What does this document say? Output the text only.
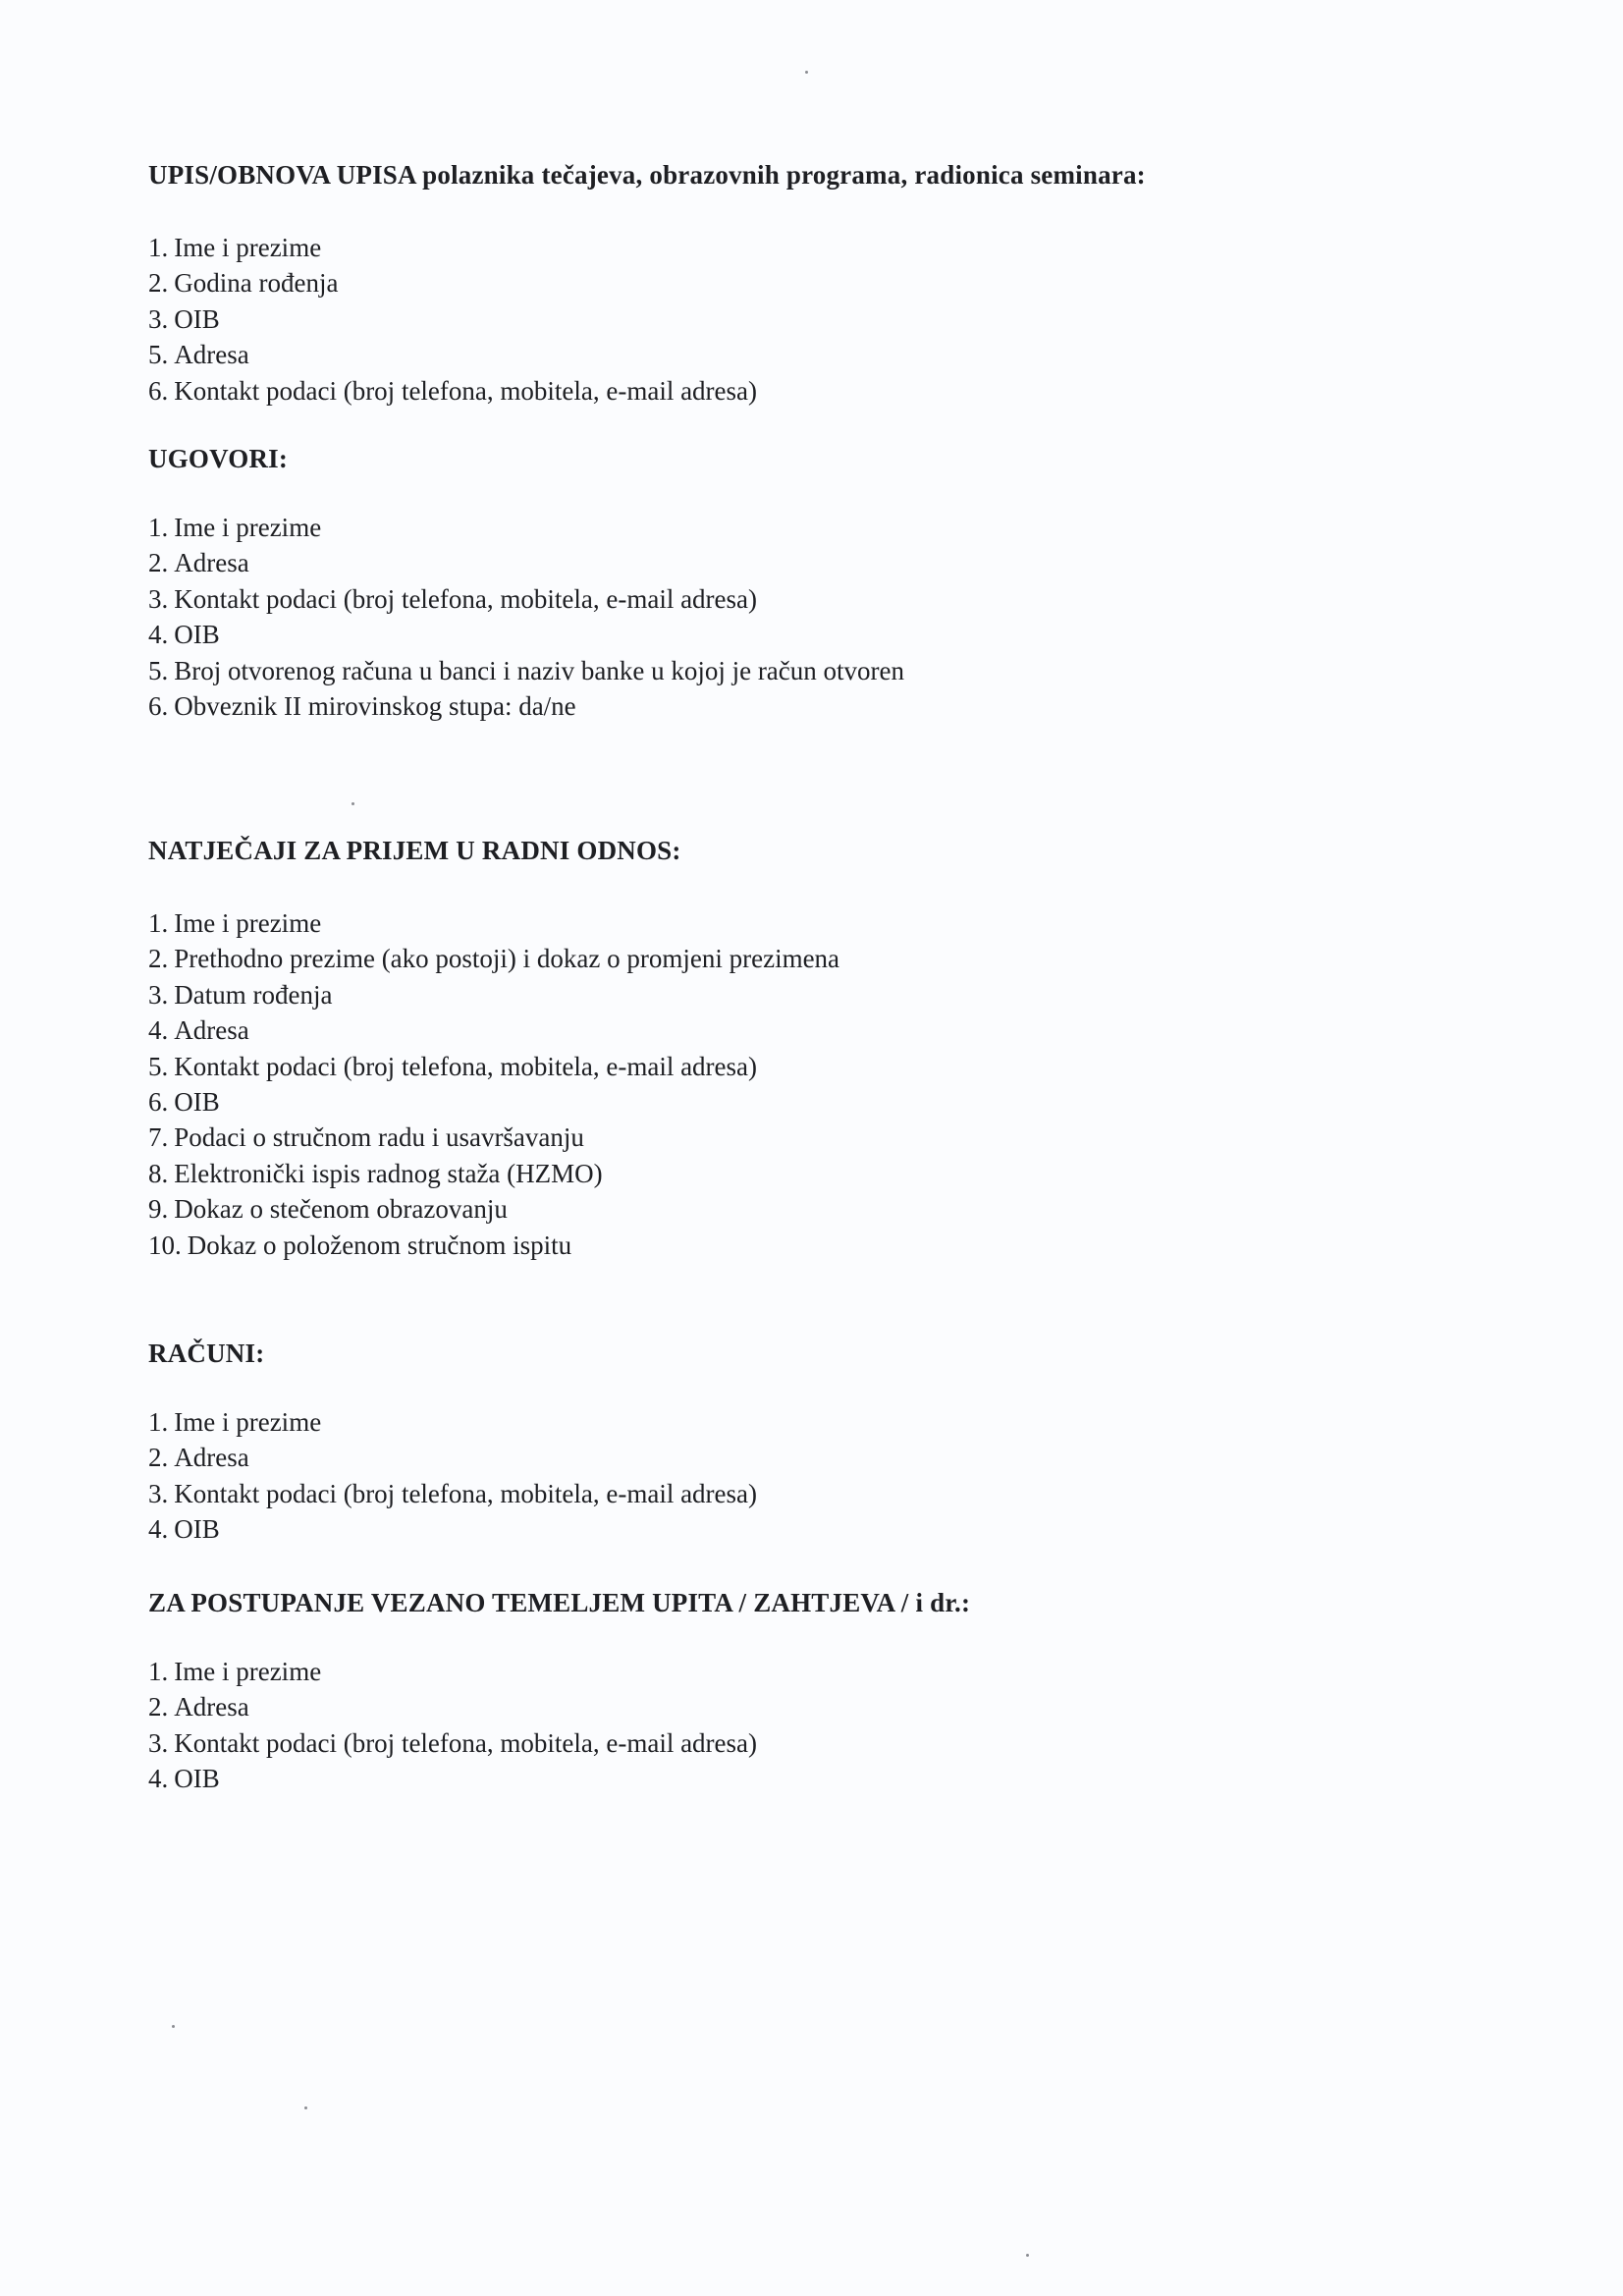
UPIS/OBNOVA UPISA polaznika tečajeva, obrazovnih programa, radionica seminara:
1. Ime i prezime
2. Godina rođenja
3. OIB
5. Adresa
6. Kontakt podaci (broj telefona, mobitela, e-mail adresa)
UGOVORI:
1. Ime i prezime
2. Adresa
3. Kontakt podaci (broj telefona, mobitela, e-mail adresa)
4. OIB
5. Broj otvorenog računa u banci i naziv banke u kojoj je račun otvoren
6. Obveznik II mirovinskog stupa: da/ne
NATJEČAJI ZA PRIJEM U RADNI ODNOS:
1. Ime i prezime
2. Prethodno prezime (ako postoji) i dokaz o promjeni prezimena
3. Datum rođenja
4. Adresa
5. Kontakt podaci (broj telefona, mobitela, e-mail adresa)
6. OIB
7. Podaci o stručnom radu i usavršavanju
8. Elektronički ispis radnog staža (HZMO)
9. Dokaz o stečenom obrazovanju
10. Dokaz o položenom stručnom ispitu
RAČUNI:
1. Ime i prezime
2. Adresa
3. Kontakt podaci (broj telefona, mobitela, e-mail adresa)
4. OIB
ZA POSTUPANJE VEZANO TEMELJEM UPITA / ZAHTJEVA / i dr.:
1. Ime i prezime
2. Adresa
3. Kontakt podaci (broj telefona, mobitela, e-mail adresa)
4. OIB
